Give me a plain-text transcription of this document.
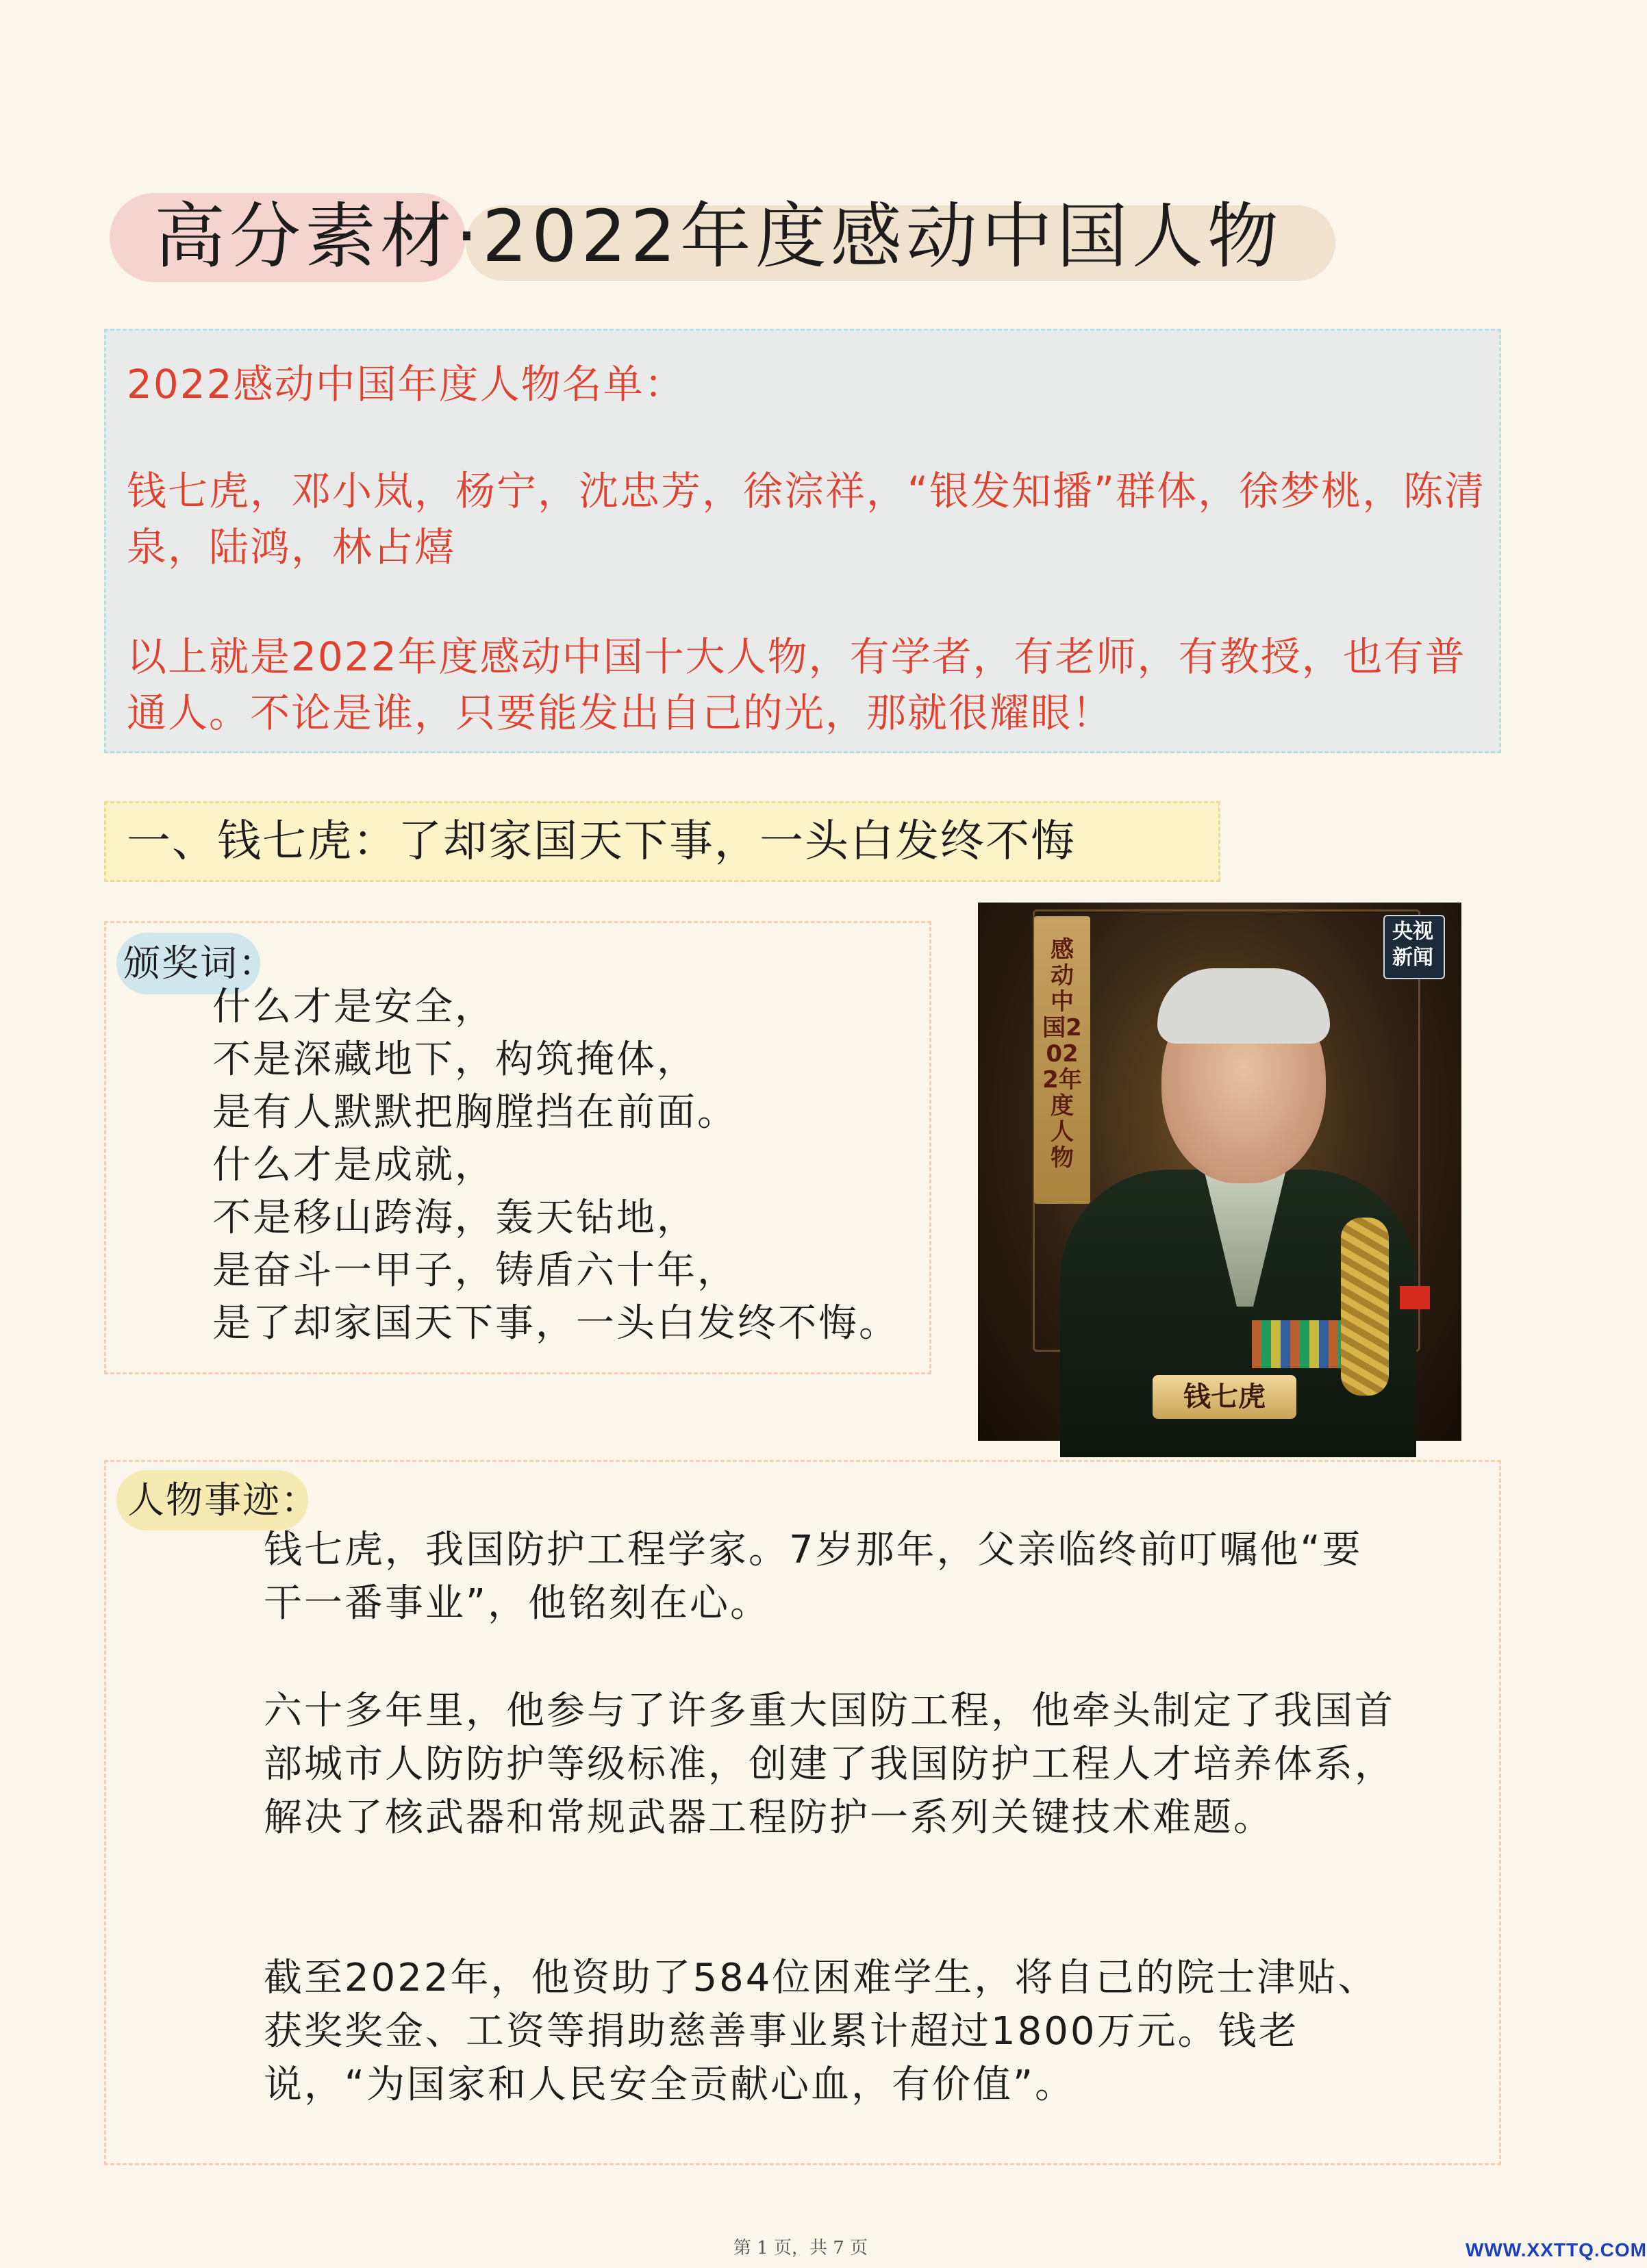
高分素材·2022年度感动中国人物
2022感动中国年度人物名单：
钱七虎，邓小岚，杨宁，沈忠芳，徐淙祥，“银发知播”群体，徐梦桃，陈清泉，陆鸿，林占熺
以上就是2022年度感动中国十大人物，有学者，有老师，有教授，也有普通人。不论是谁，只要能发出自己的光，那就很耀眼！
一、钱七虎：了却家国天下事，一头白发终不悔
颁奖词：
什么才是安全，
不是深藏地下，构筑掩体，
是有人默默把胸膛挡在前面。
什么才是成就，
不是移山跨海，轰天钻地，
是奋斗一甲子，铸盾六十年，
是了却家国天下事，一头白发终不悔。
感动中国2022年度人物
央视新闻
钱七虎
人物事迹：
钱七虎，我国防护工程学家。7岁那年，父亲临终前叮嘱他“要干一番事业”，他铭刻在心。
六十多年里，他参与了许多重大国防工程，他牵头制定了我国首部城市人防防护等级标准，创建了我国防护工程人才培养体系，解决了核武器和常规武器工程防护一系列关键技术难题。
截至2022年，他资助了584位困难学生，将自己的院士津贴、获奖奖金、工资等捐助慈善事业累计超过1800万元。钱老说，“为国家和人民安全贡献心血，有价值”。
第 1 页，共 7 页	WWW.XXTTQ.COM
